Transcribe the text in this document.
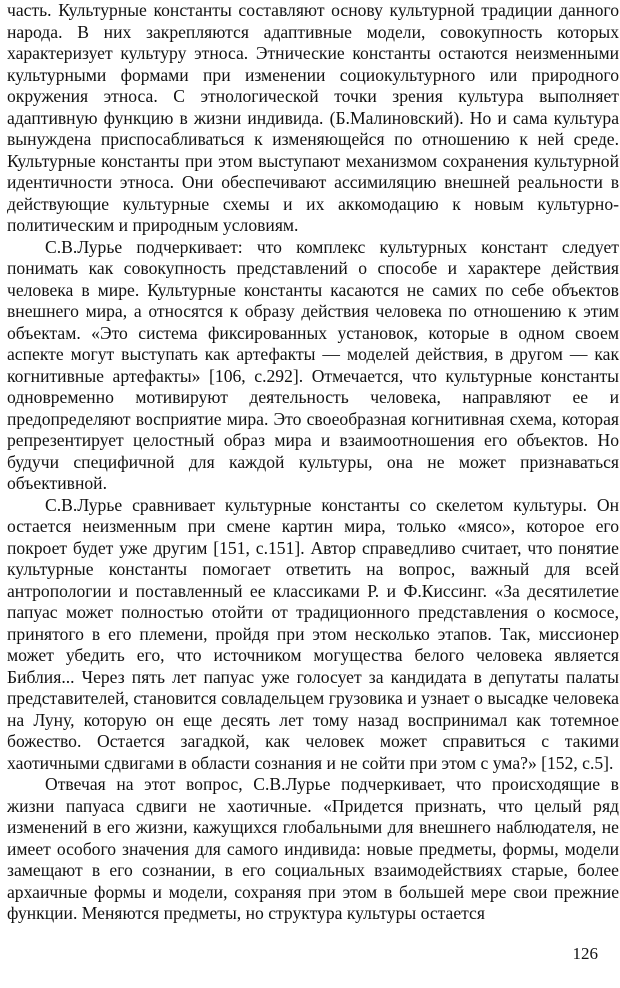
часть. Культурные константы составляют основу культурной традиции данного народа. В них закрепляются адаптивные модели, совокупность которых характеризует культуру этноса. Этнические константы остаются неизменными культурными формами при изменении социокультурного или природного окружения этноса. С этнологической точки зрения культура выполняет адаптивную функцию в жизни индивида. (Б.Малиновский). Но и сама культура вынуждена приспосабливаться к изменяющейся по отношению к ней среде. Культурные константы при этом выступают механизмом сохранения культурной идентичности этноса. Они обеспечивают ассимиляцию внешней реальности в действующие культурные схемы и их аккомодацию к новым культурно-политическим и природным условиям.

С.В.Лурье подчеркивает: что комплекс культурных констант следует понимать как совокупность представлений о способе и характере действия человека в мире. Культурные константы касаются не самих по себе объектов внешнего мира, а относятся к образу действия человека по отношению к этим объектам. «Это система фиксированных установок, которые в одном своем аспекте могут выступать как артефакты — моделей действия, в другом — как когнитивные артефакты» [106, с.292]. Отмечается, что культурные константы одновременно мотивируют деятельность человека, направляют ее и предопределяют восприятие мира. Это своеобразная когнитивная схема, которая репрезентирует целостный образ мира и взаимоотношения его объектов. Но будучи специфичной для каждой культуры, она не может признаваться объективной.

С.В.Лурье сравнивает культурные константы со скелетом культуры. Он остается неизменным при смене картин мира, только «мясо», которое его покроет будет уже другим [151, с.151]. Автор справедливо считает, что понятие культурные константы помогает ответить на вопрос, важный для всей антропологии и поставленный ее классиками Р. и Ф.Киссинг. «За десятилетие папуас может полностью отойти от традиционного представления о космосе, принятого в его племени, пройдя при этом несколько этапов. Так, миссионер может убедить его, что источником могущества белого человека является Библия... Через пять лет папуас уже голосует за кандидата в депутаты палаты представителей, становится совладельцем грузовика и узнает о высадке человека на Луну, которую он еще десять лет тому назад воспринимал как тотемное божество. Остается загадкой, как человек может справиться с такими хаотичными сдвигами в области сознания и не сойти при этом с ума?» [152, с.5].

Отвечая на этот вопрос, С.В.Лурье подчеркивает, что происходящие в жизни папуаса сдвиги не хаотичные. «Придется признать, что целый ряд изменений в его жизни, кажущихся глобальными для внешнего наблюдателя, не имеет особого значения для самого индивида: новые предметы, формы, модели замещают в его сознании, в его социальных взаимодействиях старые, более архаичные формы и модели, сохраняя при этом в большей мере свои прежние функции. Меняются предметы, но структура культуры остается

126
